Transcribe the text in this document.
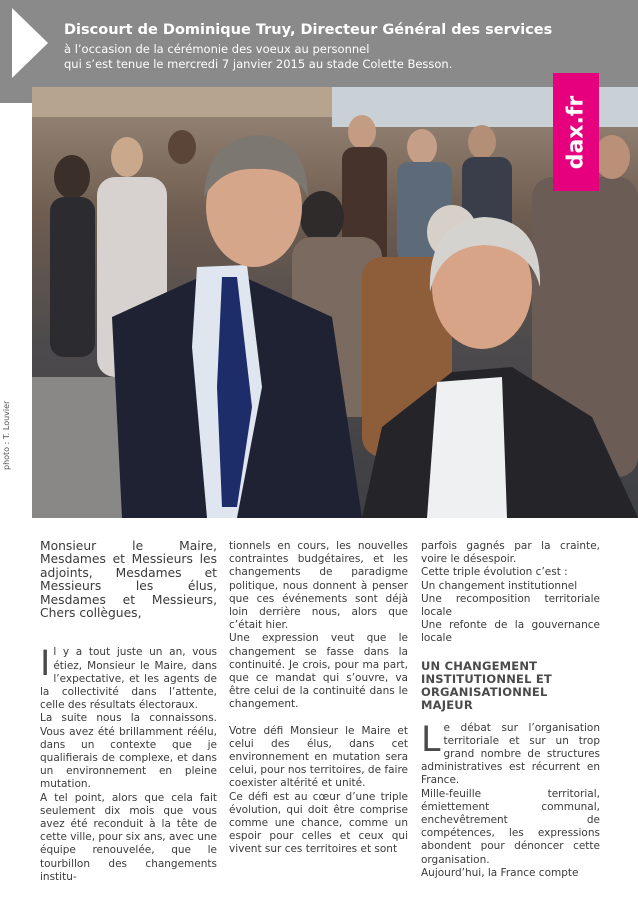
Discourt de Dominique Truy, Directeur Général des services
à l’occasion de la cérémonie des voeux au personnel
qui s’est tenue le mercredi 7 janvier 2015 au stade Colette Besson.
dax.fr
photo : T. Louvier

Monsieur le Maire, Mesdames et Messieurs les adjoints, Mesdames et Messieurs les élus, Mesdames et Messieurs, Chers collègues,

Il y a tout juste un an, vous étiez, Monsieur le Maire, dans l’expectative, et les agents de la collectivité dans l’attente, celle des résultats électoraux.

La suite nous la connaissons. Vous avez été brillamment réélu, dans un contexte que je qualifierais de complexe, et dans un environnement en pleine mutation.

A tel point, alors que cela fait seulement dix mois que vous avez été reconduit à la tête de cette ville, pour six ans, avec une équipe renouvelée, que le tourbillon des changements institu-

tionnels en cours, les nouvelles contraintes budgétaires, et les changements de paradigme politique, nous donnent à penser que ces événements sont déjà loin derrière nous, alors que c’était hier.

Une expression veut que le changement se fasse dans la continuité. Je crois, pour ma part, que ce mandat qui s’ouvre, va être celui de la continuité dans le changement.

Votre défi Monsieur le Maire et celui des élus, dans cet environnement en mutation sera celui, pour nos territoires, de faire coexister altérité et unité.

Ce défi est au cœur d’une triple évolution, qui doit être comprise comme une chance, comme un espoir pour celles et ceux qui vivent sur ces territoires et sont

parfois gagnés par la crainte, voire le désespoir.

Cette triple évolution c’est :

Un changement institutionnel

Une recomposition territoriale locale

Une refonte de la gouvernance locale

UN CHANGEMENT INSTITUTIONNEL ET ORGANISATIONNEL MAJEUR

Le débat sur l’organisation territoriale et sur un trop grand nombre de structures administratives est récurrent en France.

Mille-feuille territorial, émiettement communal, enchevêtrement de compétences, les expressions abondent pour dénoncer cette organisation.

Aujourd’hui, la France compte
